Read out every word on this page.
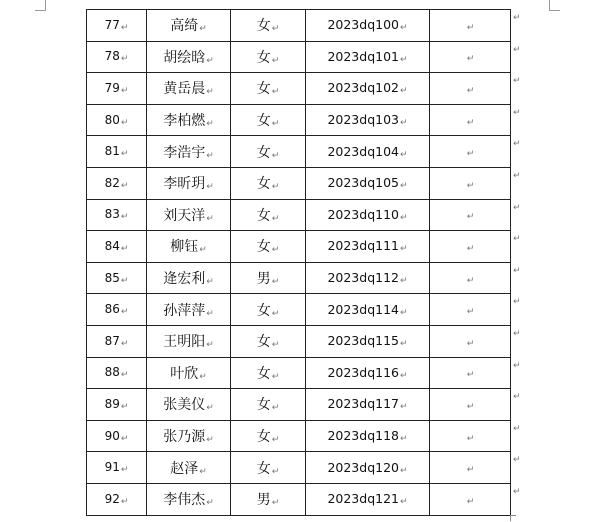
77↵	高绮↵	女↵	2023dq100↵	↵
78↵	胡绘晗↵	女↵	2023dq101↵	↵
79↵	黄岳晨↵	女↵	2023dq102↵	↵
80↵	李柏燃↵	女↵	2023dq103↵	↵
81↵	李浩宇↵	女↵	2023dq104↵	↵
82↵	李昕玥↵	女↵	2023dq105↵	↵
83↵	刘天洋↵	女↵	2023dq110↵	↵
84↵	柳钰↵	女↵	2023dq111↵	↵
85↵	逄宏利↵	男↵	2023dq112↵	↵
86↵	孙萍萍↵	女↵	2023dq114↵	↵
87↵	王明阳↵	女↵	2023dq115↵	↵
88↵	叶欣↵	女↵	2023dq116↵	↵
89↵	张美仪↵	女↵	2023dq117↵	↵
90↵	张乃源↵	女↵	2023dq118↵	↵
91↵	赵泽↵	女↵	2023dq120↵	↵
92↵	李伟杰↵	男↵	2023dq121↵	↵
↵
↵
↵
↵
↵
↵
↵
↵
↵
↵
↵
↵
↵
↵
↵
↵
